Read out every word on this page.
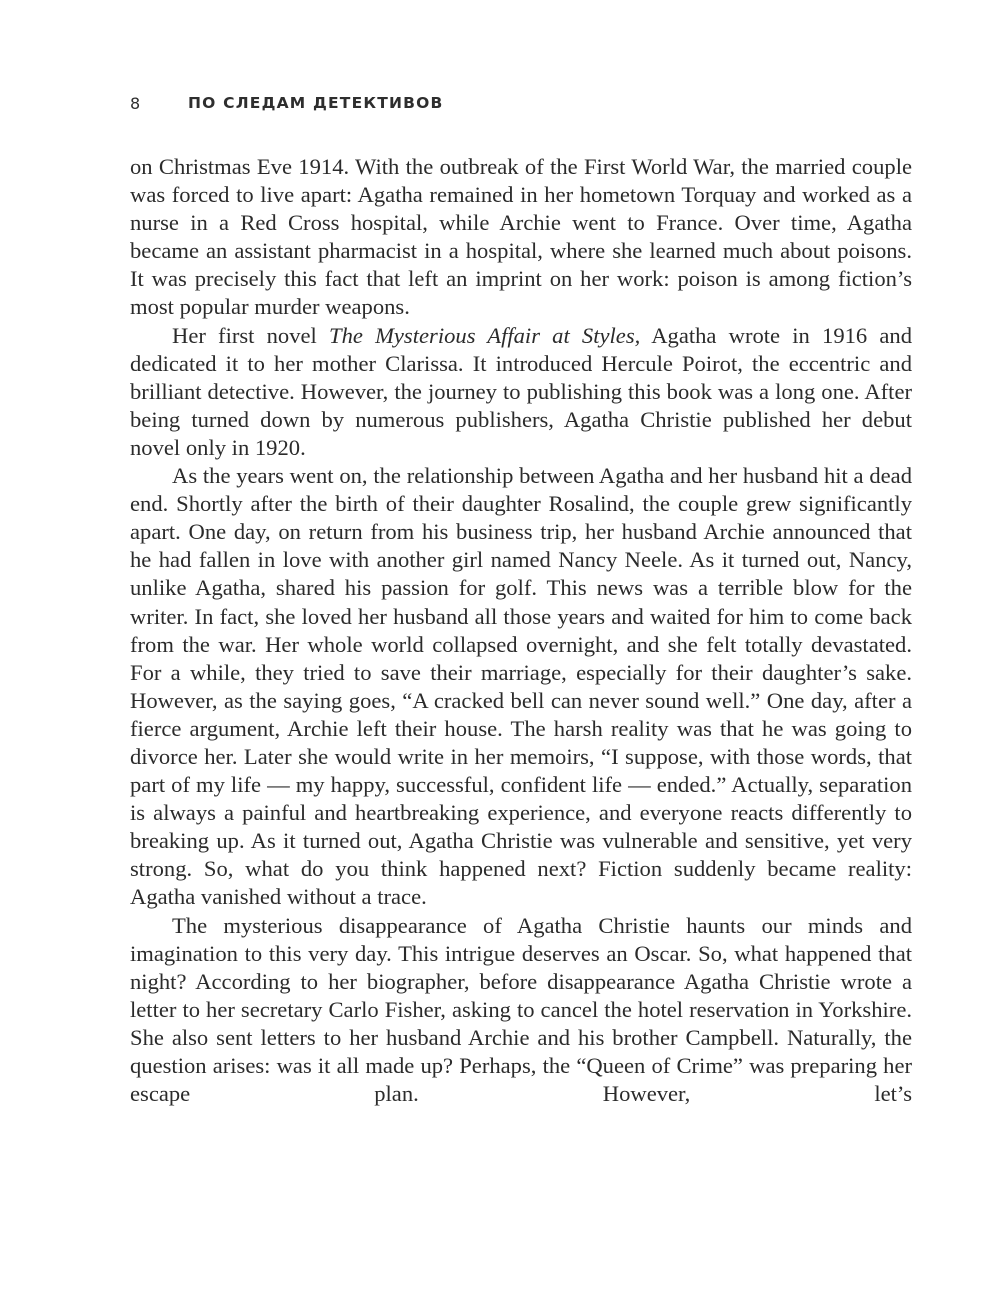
8	ПО СЛЕДАМ ДЕТЕКТИВОВ

on Christmas Eve 1914. With the outbreak of the First World War, the married couple was forced to live apart: Agatha remained in her hometown Torquay and worked as a nurse in a Red Cross hospital, while Archie went to France. Over time, Agatha became an assistant pharmacist in a hospital, where she learned much about poisons. It was precisely this fact that left an imprint on her work: poison is among fiction’s most popular murder weapons.

Her first novel The Mysterious Affair at Styles, Agatha wrote in 1916 and dedicated it to her mother Clarissa. It introduced Hercule Poirot, the eccentric and brilliant detective. However, the journey to publishing this book was a long one. After being turned down by numerous publishers, Agatha Christie published her debut novel only in 1920.

As the years went on, the relationship between Agatha and her husband hit a dead end. Shortly after the birth of their daughter Rosalind, the couple grew significantly apart. One day, on return from his business trip, her husband Archie announced that he had fallen in love with another girl named Nancy Neele. As it turned out, Nancy, unlike Agatha, shared his passion for golf. This news was a terrible blow for the writer. In fact, she loved her husband all those years and waited for him to come back from the war. Her whole world collapsed overnight, and she felt totally devastated. For a while, they tried to save their marriage, especially for their daughter’s sake. However, as the saying goes, “A cracked bell can never sound well.” One day, after a fierce argument, Archie left their house. The harsh reality was that he was going to divorce her. Later she would write in her memoirs, “I suppose, with those words, that part of my life — my happy, successful, confident life — ended.” Actually, separation is always a painful and heartbreaking experience, and everyone reacts differently to breaking up. As it turned out, Agatha Christie was vulnerable and sensitive, yet very strong. So, what do you think happened next? Fiction suddenly became reality: Agatha vanished without a trace.

The mysterious disappearance of Agatha Christie haunts our minds and imagination to this very day. This intrigue deserves an Oscar. So, what happened that night? According to her biographer, before disappearance Agatha Christie wrote a letter to her secretary Carlo Fisher, asking to cancel the hotel reservation in Yorkshire. She also sent letters to her husband Archie and his brother Campbell. Naturally, the question arises: was it all made up? Perhaps, the “Queen of Crime” was preparing her escape plan. However, let’s
